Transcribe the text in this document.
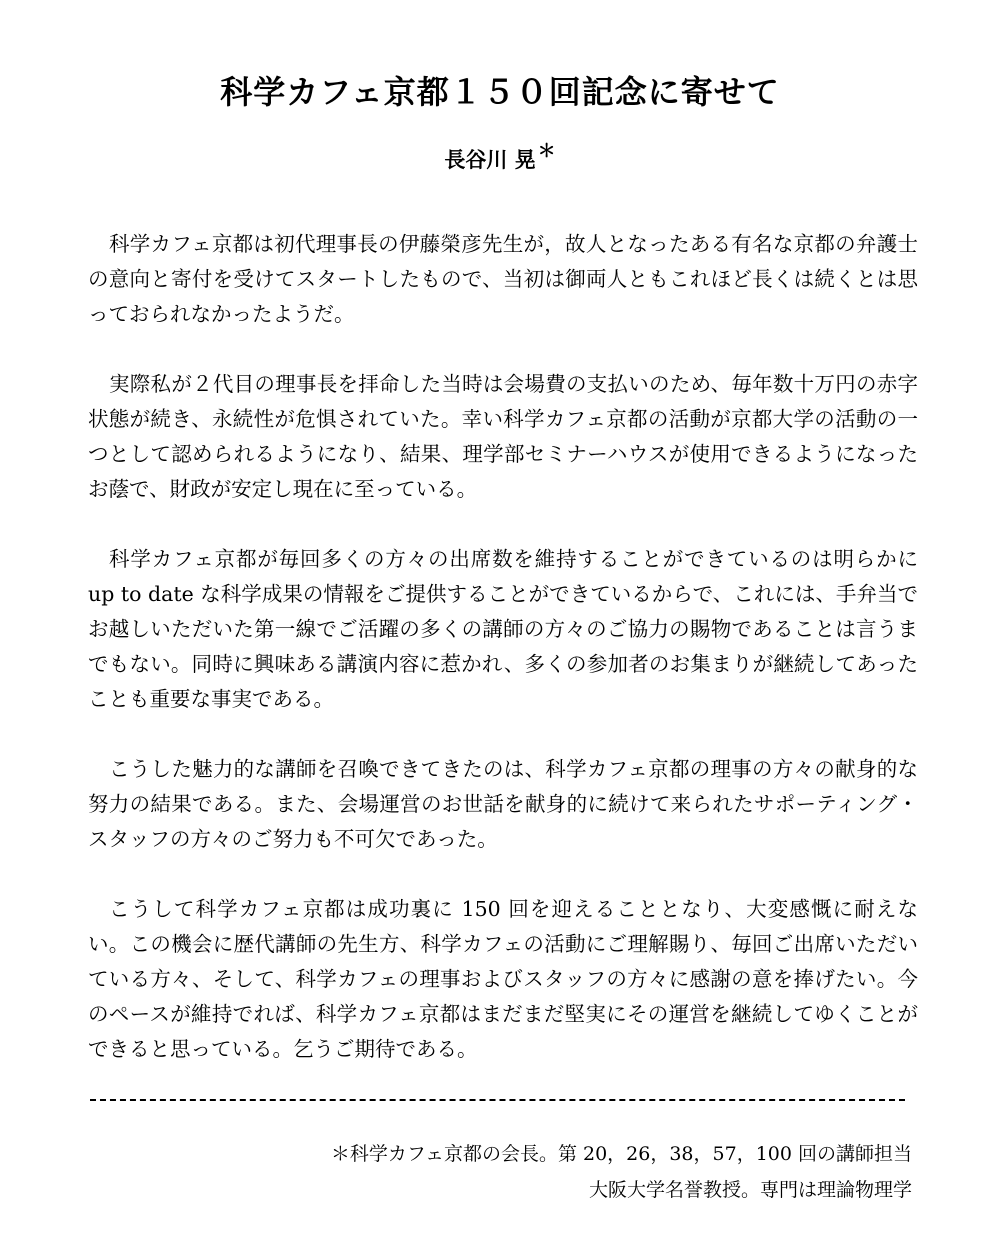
科学カフェ京都１５０回記念に寄せて
長谷川 晃 ＊

科学カフェ京都は初代理事長の伊藤榮彦先生が，故人となったある有名な京都の弁護士の意向と寄付を受けてスタートしたもので、当初は御両人ともこれほど長くは続くとは思っておられなかったようだ。

実際私が２代目の理事長を拝命した当時は会場費の支払いのため、毎年数十万円の赤字状態が続き、永続性が危惧されていた。幸い科学カフェ京都の活動が京都大学の活動の一つとして認められるようになり、結果、理学部セミナーハウスが使用できるようになったお蔭で、財政が安定し現在に至っている。

科学カフェ京都が毎回多くの方々の出席数を維持することができているのは明らかに up to date な科学成果の情報をご提供することができているからで、これには、手弁当でお越しいただいた第一線でご活躍の多くの講師の方々のご協力の賜物であることは言うまでもない。同時に興味ある講演内容に惹かれ、多くの参加者のお集まりが継続してあったことも重要な事実である。

こうした魅力的な講師を召喚できてきたのは、科学カフェ京都の理事の方々の献身的な努力の結果である。また、会場運営のお世話を献身的に続けて来られたサポーティング・スタッフの方々のご努力も不可欠であった。

こうして科学カフェ京都は成功裏に 150 回を迎えることとなり、大変感慨に耐えない。この機会に歴代講師の先生方、科学カフェの活動にご理解賜り、毎回ご出席いただいている方々、そして、科学カフェの理事およびスタッフの方々に感謝の意を捧げたい。今のペースが維持でれば、科学カフェ京都はまだまだ堅実にその運営を継続してゆくことができると思っている。乞うご期待である。

＊科学カフェ京都の会長。第 20，26，38，57，100 回の講師担当
大阪大学名誉教授。専門は理論物理学
